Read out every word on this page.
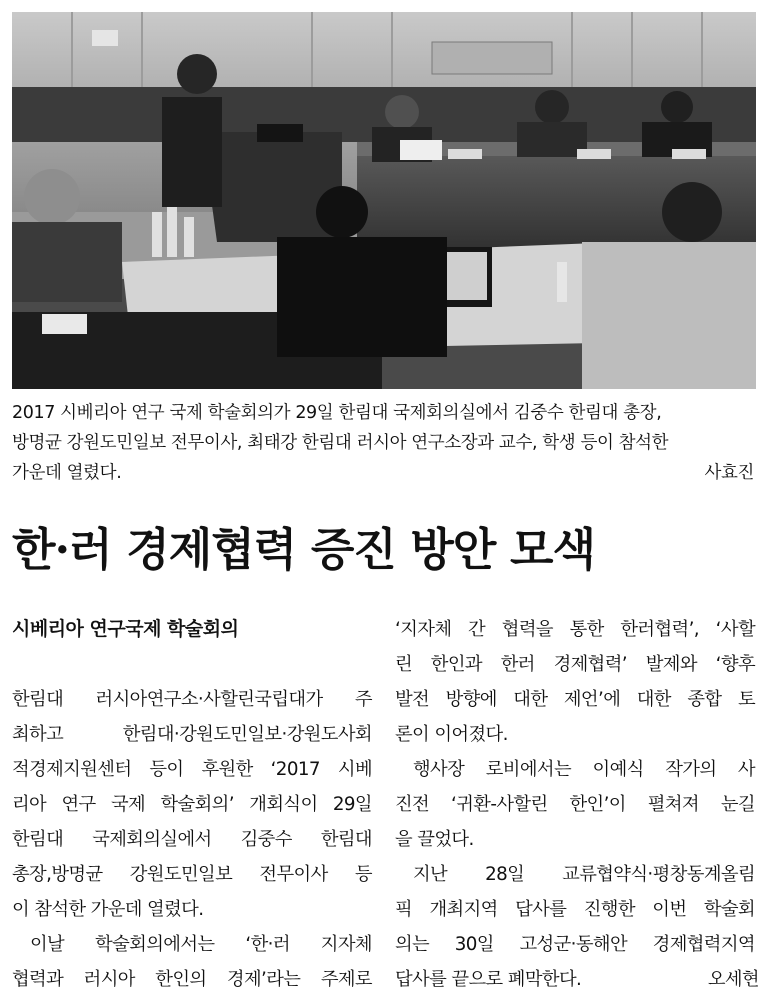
2017 시베리아 연구 국제 학술회의가 29일 한림대 국제회의실에서 김중수 한림대 총장,
방명균 강원도민일보 전무이사, 최태강 한림대 러시아 연구소장과 교수, 학생 등이 참석한
가운데 열렸다.	사효진
한·러 경제협력 증진 방안 모색
시베리아 연구국제 학술회의
한림대 러시아연구소·사할린국립대가 주
최하고 한림대·강원도민일보·강원도사회
적경제지원센터 등이 후원한 ‘2017 시베
리아 연구 국제 학술회의’ 개회식이 29일
한림대 국제회의실에서 김중수 한림대
총장,방명균 강원도민일보 전무이사 등
이 참석한 가운데 열렸다.
이날 학술회의에서는 ‘한·러 지자체
협력과 러시아 한인의 경제’라는 주제로
‘지자체 간 협력을 통한 한러협력’, ‘사할
린 한인과 한러 경제협력’ 발제와 ‘향후
발전 방향에 대한 제언’에 대한 종합 토
론이 이어졌다.
행사장 로비에서는 이예식 작가의 사
진전 ‘귀환-사할린 한인’이 펼쳐져 눈길
을 끌었다.
지난 28일 교류협약식·평창동계올림
픽 개최지역 답사를 진행한 이번 학술회
의는 30일 고성군·동해안 경제협력지역
답사를 끝으로 폐막한다.	오세현
